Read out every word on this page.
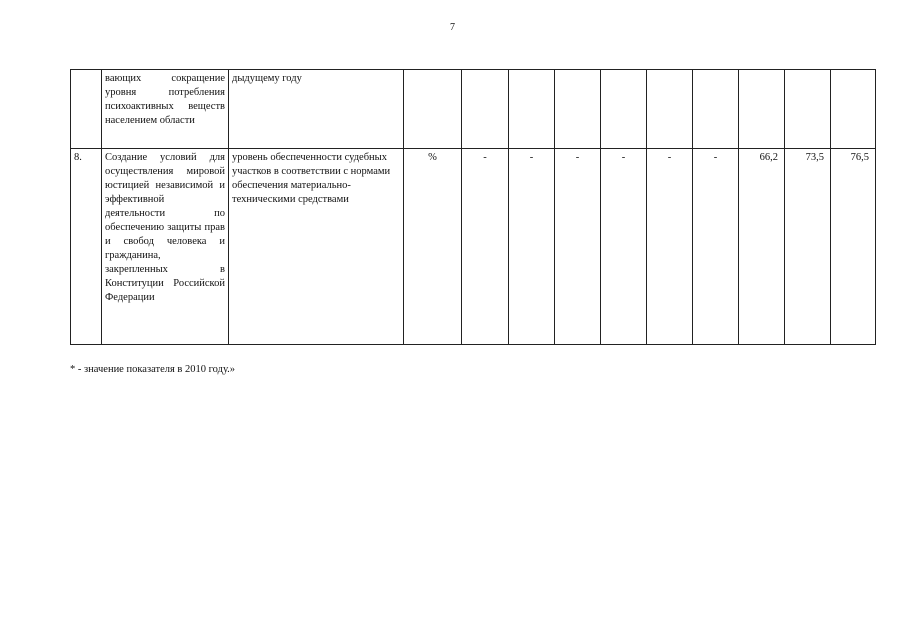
7
	вающих сокращение уровня потребления психоактивных веществ населением области	дыдущему году										
8.	Создание условий для осуществления мировой юстицией независимой и эффективной деятельности по обеспечению защиты прав и свобод человека и гражданина, закрепленных в Конституции Российской Федерации	уровень обеспеченности судебных участков в соответствии с нормами обеспечения материально-техническими средствами	%	-	-	-	-	-	-	66,2	73,5	76,5
* - значение показателя в 2010 году.»
